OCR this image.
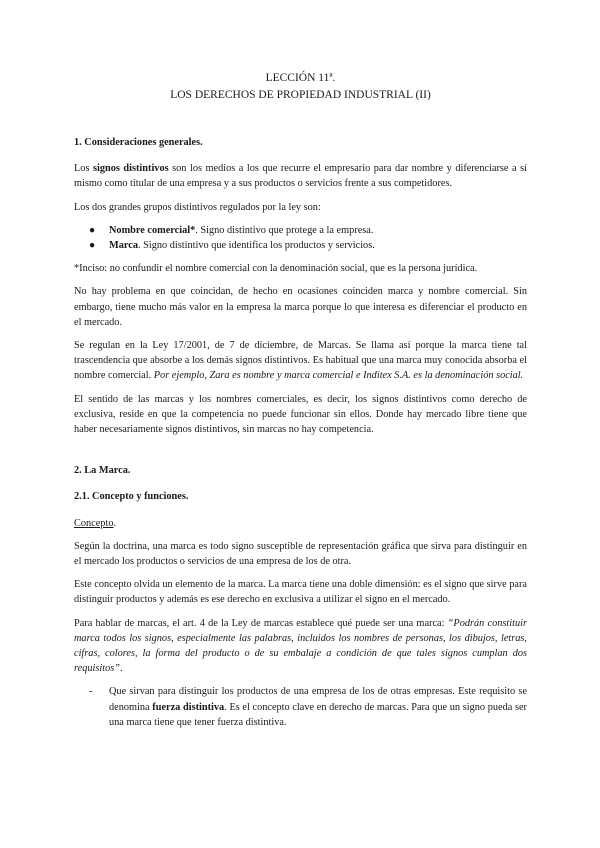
LECCIÓN 11ª.
LOS DERECHOS DE PROPIEDAD INDUSTRIAL (II)
1. Consideraciones generales.

Los signos distintivos son los medios a los que recurre el empresario para dar nombre y diferenciarse a sí mismo como titular de una empresa y a sus productos o servicios frente a sus competidores.

Los dos grandes grupos distintivos regulados por la ley son:

● Nombre comercial*. Signo distintivo que protege a la empresa.
● Marca. Signo distintivo que identifica los productos y servicios.

*Inciso: no confundir el nombre comercial con la denominación social, que es la persona jurídica.

No hay problema en que coincidan, de hecho en ocasiones coinciden marca y nombre comercial. Sin embargo, tiene mucho más valor en la empresa la marca porque lo que interesa es diferenciar el producto en el mercado.

Se regulan en la Ley 17/2001, de 7 de diciembre, de Marcas. Se llama así porque la marca tiene tal trascendencia que absorbe a los demás signos distintivos. Es habitual que una marca muy conocida absorba el nombre comercial. Por ejemplo, Zara es nombre y marca comercial e Inditex S.A. es la denominación social.

El sentido de las marcas y los nombres comerciales, es decir, los signos distintivos como derecho de exclusiva, reside en que la competencia no puede funcionar sin ellos. Donde hay mercado libre tiene que haber necesariamente signos distintivos, sin marcas no hay competencia.

2. La Marca.
2.1. Concepto y funciones.

Concepto.

Según la doctrina, una marca es todo signo susceptible de representación gráfica que sirva para distinguir en el mercado los productos o servicios de una empresa de los de otra.

Este concepto olvida un elemento de la marca. La marca tiene una doble dimensión: es el signo que sirve para distinguir productos y además es ese derecho en exclusiva a utilizar el signo en el mercado.

Para hablar de marcas, el art. 4 de la Ley de marcas establece qué puede ser una marca: “Podrán constituir marca todos los signos, especialmente las palabras, incluidos los nombres de personas, los dibujos, letras, cifras, colores, la forma del producto o de su embalaje a condición de que tales signos cumplan dos requisitos”.

- Que sirvan para distinguir los productos de una empresa de los de otras empresas. Este requisito se denomina fuerza distintiva. Es el concepto clave en derecho de marcas. Para que un signo pueda ser una marca tiene que tener fuerza distintiva.
